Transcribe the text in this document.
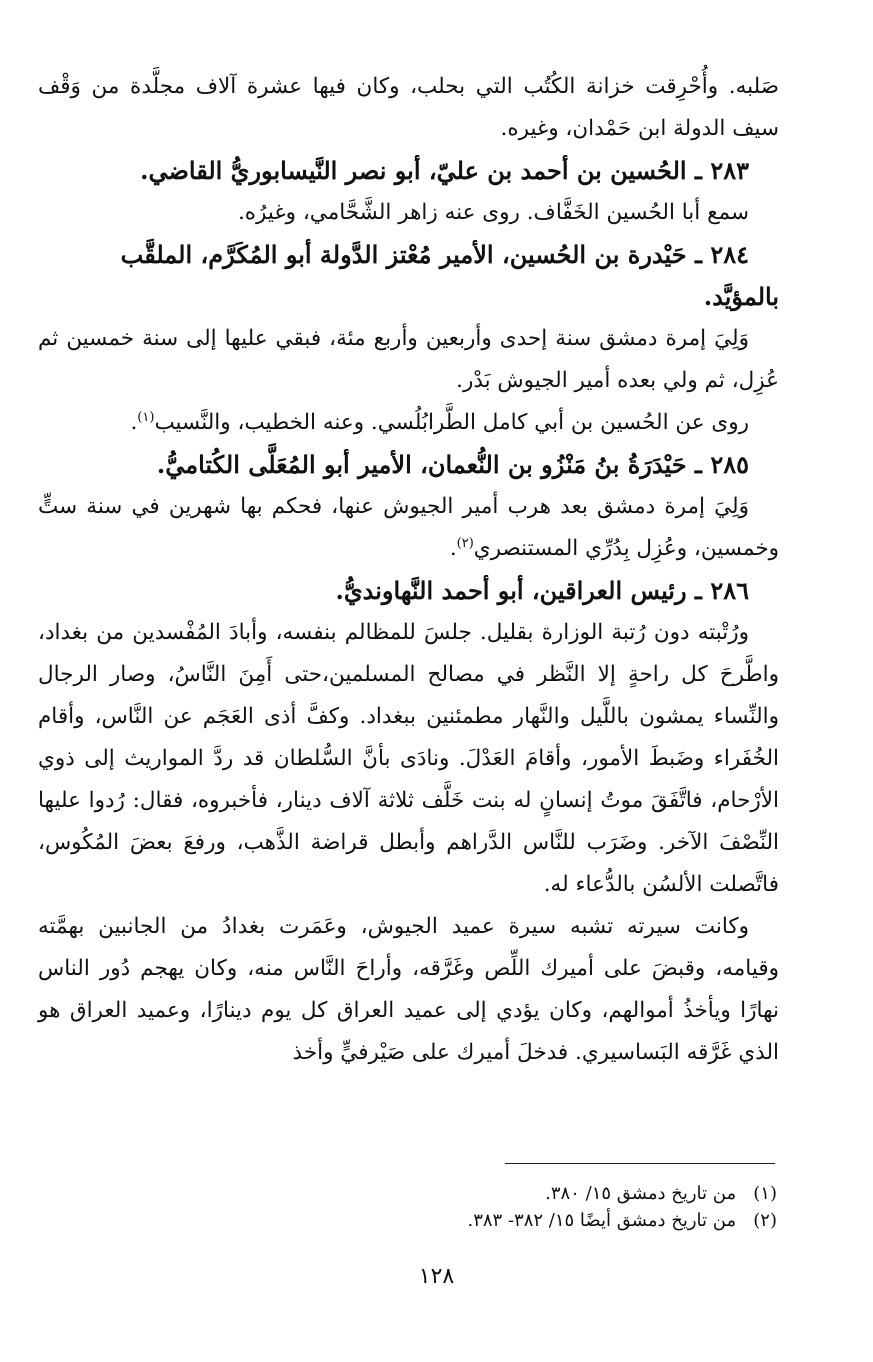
صَلبه. وأُحْرِقت خزانة الكُتُب التي بحلب، وكان فيها عشرة آلاف مجلَّدة من وَقْف سيف الدولة ابن حَمْدان، وغيره.

٢٨٣ ـ الحُسين بن أحمد بن عليّ، أبو نصر النَّيسابوريُّ القاضي.

سمع أبا الحُسين الخَفَّاف. روى عنه زاهر الشَّحَّامي، وغيرُه.

٢٨٤ ـ حَيْدرة بن الحُسين، الأمير مُعْتز الدَّولة أبو المُكَرَّم، الملقَّب بالمؤيَّد.

وَلِيَ إمرة دمشق سنة إحدى وأربعين وأربع مئة، فبقي عليها إلى سنة خمسين ثم عُزِل، ثم ولي بعده أمير الجيوش بَدْر.

روى عن الحُسين بن أبي كامل الطَّرابُلُسي. وعنه الخطيب، والنَّسيب$^{(١)}$.

٢٨٥ ـ حَيْدَرَةُ بنُ مَنْزُو بن النُّعمان، الأمير أبو المُعَلَّى الكُتاميُّ.

وَلِيَ إمرة دمشق بعد هرب أمير الجيوش عنها، فحكم بها شهرين في سنة ستٍّ وخمسين، وعُزِل بِدُرِّي المستنصري$^{(٢)}$.

٢٨٦ ـ رئيس العراقين، أبو أحمد النَّهاونديُّ.

ورُتْبته دون رُتبة الوزارة بقليل. جلسَ للمظالم بنفسه، وأبادَ المُفْسدين من بغداد، واطَّرحَ كل راحةٍ إلا النَّظر في مصالح المسلمين،حتى أَمِنَ النَّاسُ، وصار الرجال والنِّساء يمشون باللَّيل والنَّهار مطمئنين ببغداد. وكفَّ أذى العَجَم عن النَّاس، وأقام الخُفَراء وضَبطَ الأمور، وأقامَ العَدْلَ. ونادَى بأنَّ السُّلطان قد ردَّ المواريث إلى ذوي الأرْحام، فاتَّفَقَ موتُ إنسانٍ له بنت خَلَّف ثلاثة آلاف دينار، فأخبروه، فقال: رُدوا عليها النِّصْفَ الآخر. وضَرَب للنَّاس الدَّراهم وأبطل قراضة الذَّهب، ورفعَ بعضَ المُكُوس، فاتَّصلت الألسُن بالدُّعاء له.

وكانت سيرته تشبه سيرة عميد الجيوش، وعَمَرت بغدادُ من الجانبين بهمَّته وقيامه، وقبضَ على أميرك اللِّص وغَرَّقه، وأراحَ النَّاس منه، وكان يهجم دُور الناس نهارًا ويأخذُ أموالهم، وكان يؤدي إلى عميد العراق كل يوم دينارًا، وعميد العراق هو الذي غَرَّقه البَساسيري. فدخلَ أميرك على صَيْرفيٍّ وأخذ

(١)   من تاريخ دمشق ١٥/ ٣٨٠.

(٢)   من تاريخ دمشق أيضًا ١٥/ ٣٨٢- ٣٨٣.

١٢٨
